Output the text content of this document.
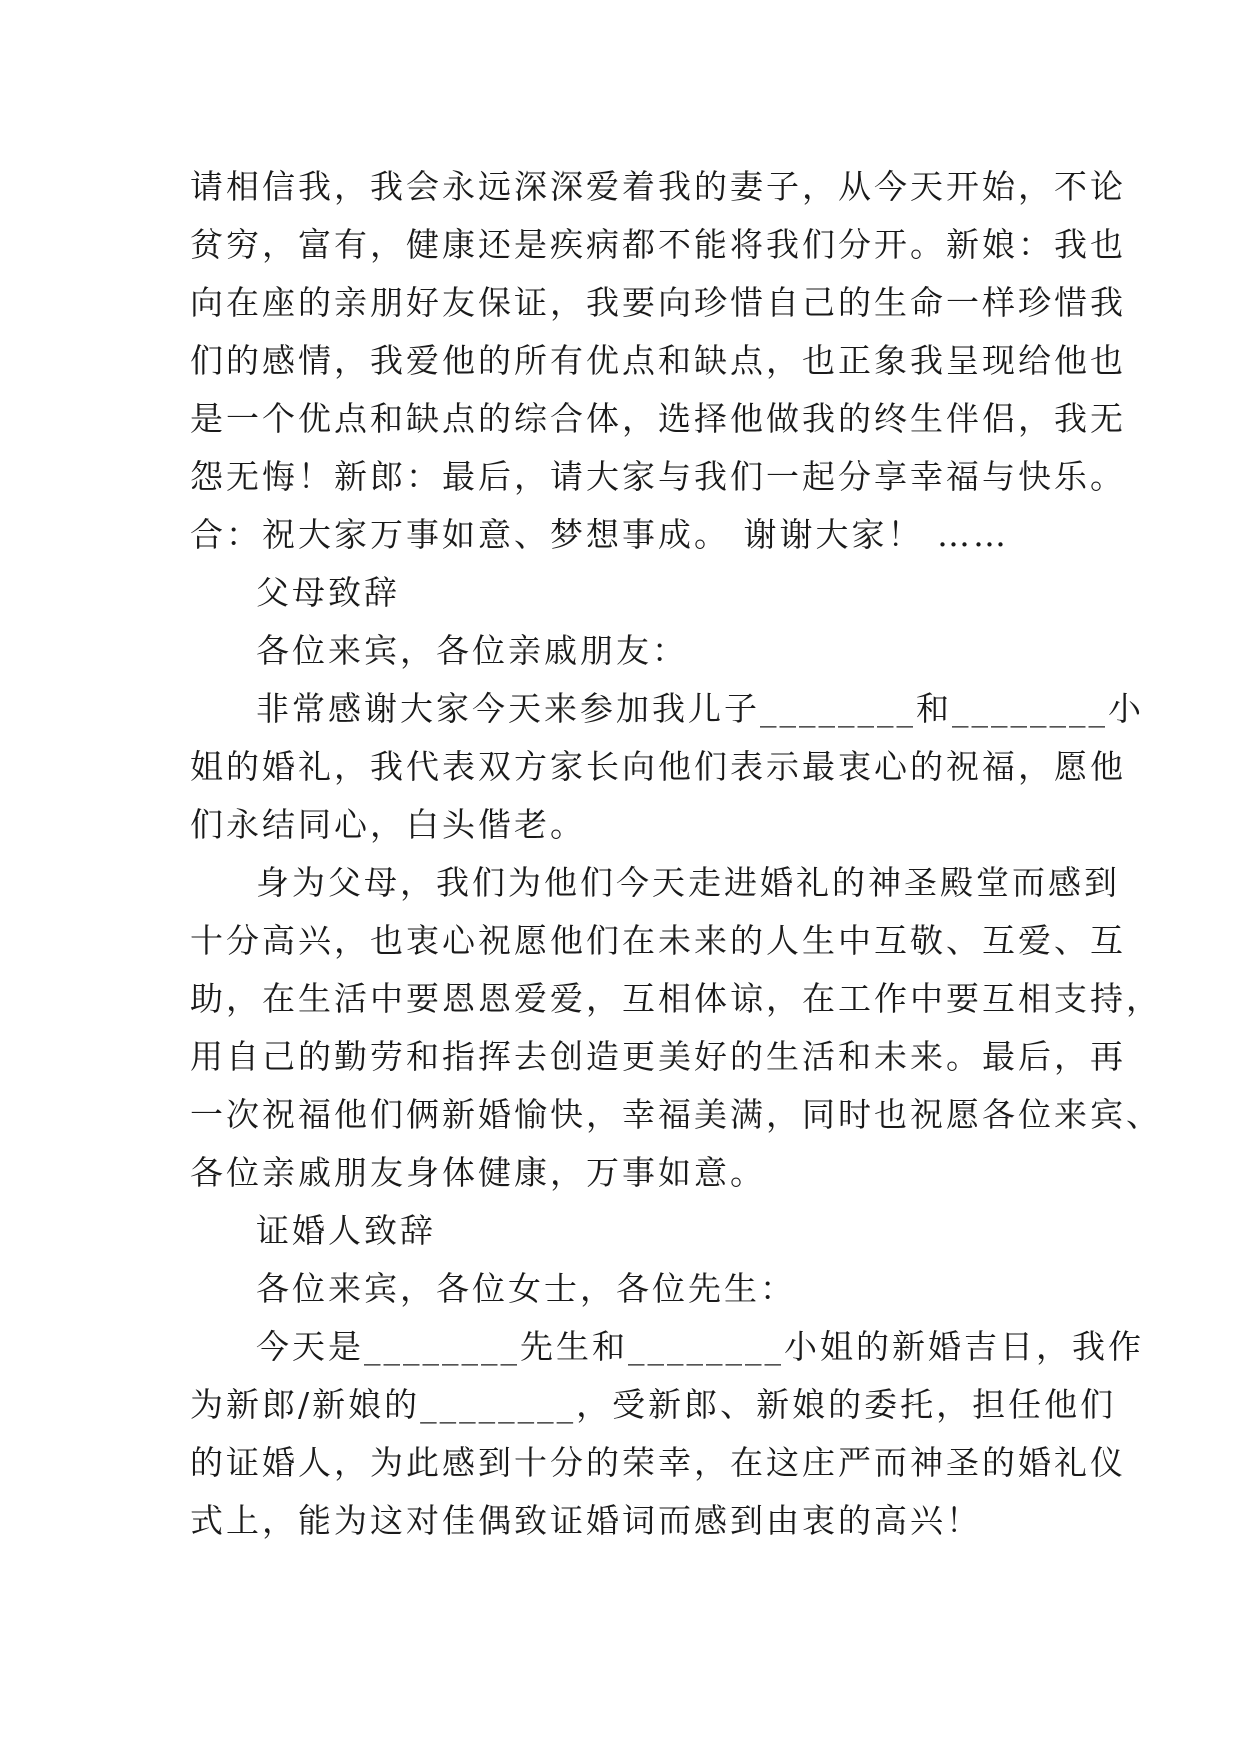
请相信我，我会永远深深爱着我的妻子，从今天开始，不论
贫穷，富有，健康还是疾病都不能将我们分开。新娘：我也
向在座的亲朋好友保证，我要向珍惜自己的生命一样珍惜我
们的感情，我爱他的所有优点和缺点，也正象我呈现给他也
是一个优点和缺点的综合体，选择他做我的终生伴侣，我无
怨无悔！新郎：最后，请大家与我们一起分享幸福与快乐。
合：祝大家万事如意、梦想事成。 谢谢大家！ ……
父母致辞
各位来宾，各位亲戚朋友：
非常感谢大家今天来参加我儿子________和________小
姐的婚礼，我代表双方家长向他们表示最衷心的祝福，愿他
们永结同心，白头偕老。
身为父母，我们为他们今天走进婚礼的神圣殿堂而感到
十分高兴，也衷心祝愿他们在未来的人生中互敬、互爱、互
助，在生活中要恩恩爱爱，互相体谅，在工作中要互相支持，
用自己的勤劳和指挥去创造更美好的生活和未来。最后，再
一次祝福他们俩新婚愉快，幸福美满，同时也祝愿各位来宾、
各位亲戚朋友身体健康，万事如意。
证婚人致辞
各位来宾，各位女士，各位先生：
今天是________先生和________小姐的新婚吉日，我作
为新郎/新娘的________，受新郎、新娘的委托，担任他们
的证婚人，为此感到十分的荣幸，在这庄严而神圣的婚礼仪
式上，能为这对佳偶致证婚词而感到由衷的高兴！
